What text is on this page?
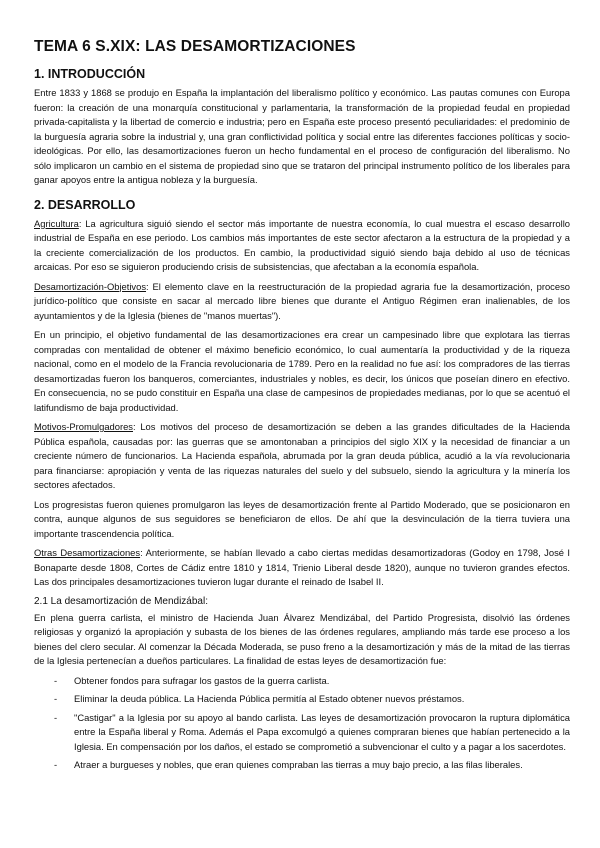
TEMA 6 S.XIX: LAS DESAMORTIZACIONES
1. INTRODUCCIÓN

Entre 1833 y 1868 se produjo en España la implantación del liberalismo político y económico. Las pautas comunes con Europa fueron: la creación de una monarquía constitucional y parlamentaria, la transformación de la propiedad feudal en propiedad privada-capitalista y la libertad de comercio e industria; pero en España este proceso presentó peculiaridades: el predominio de la burguesía agraria sobre la industrial y, una gran conflictividad política y social entre las diferentes facciones políticas y socio-ideológicas. Por ello, las desamortizaciones fueron un hecho fundamental en el proceso de configuración del liberalismo. No sólo implicaron un cambio en el sistema de propiedad sino que se trataron del principal instrumento político de los liberales para ganar apoyos entre la antigua nobleza y la burguesía.

2. DESARROLLO

Agricultura: La agricultura siguió siendo el sector más importante de nuestra economía, lo cual muestra el escaso desarrollo industrial de España en ese periodo. Los cambios más importantes de este sector afectaron a la estructura de la propiedad y a la creciente comercialización de los productos. En cambio, la productividad siguió siendo baja debido al uso de técnicas arcaicas. Por eso se siguieron produciendo crisis de subsistencias, que afectaban a la economía española.

Desamortización-Objetivos: El elemento clave en la reestructuración de la propiedad agraria fue la desamortización, proceso jurídico-político que consiste en sacar al mercado libre bienes que durante el Antiguo Régimen eran inalienables, de los ayuntamientos y de la Iglesia (bienes de "manos muertas").

En un principio, el objetivo fundamental de las desamortizaciones era crear un campesinado libre que explotara las tierras compradas con mentalidad de obtener el máximo beneficio económico, lo cual aumentaría la productividad y de la riqueza nacional, como en el modelo de la Francia revolucionaria de 1789. Pero en la realidad no fue así: los compradores de las tierras desamortizadas fueron los banqueros, comerciantes, industriales y nobles, es decir, los únicos que poseían dinero en efectivo. En consecuencia, no se pudo constituir en España una clase de campesinos de propiedades medianas, por lo que se acentuó el latifundismo de baja productividad.

Motivos-Promulgadores: Los motivos del proceso de desamortización se deben a las grandes dificultades de la Hacienda Pública española, causadas por: las guerras que se amontonaban a principios del siglo XIX y la necesidad de financiar a un creciente número de funcionarios. La Hacienda española, abrumada por la gran deuda pública, acudió a la vía revolucionaria para financiarse: apropiación y venta de las riquezas naturales del suelo y del subsuelo, siendo la agricultura y la minería los sectores afectados.

Los progresistas fueron quienes promulgaron las leyes de desamortización frente al Partido Moderado, que se posicionaron en contra, aunque algunos de sus seguidores se beneficiaron de ellos. De ahí que la desvinculación de la tierra tuviera una importante trascendencia política.

Otras Desamortizaciones: Anteriormente, se habían llevado a cabo ciertas medidas desamortizadoras (Godoy en 1798, José I Bonaparte desde 1808, Cortes de Cádiz entre 1810 y 1814, Trienio Liberal desde 1820), aunque no tuvieron grandes efectos. Las dos principales desamortizaciones tuvieron lugar durante el reinado de Isabel II.

2.1 La desamortización de Mendizábal:

En plena guerra carlista, el ministro de Hacienda Juan Álvarez Mendizábal, del Partido Progresista, disolvió las órdenes religiosas y organizó la apropiación y subasta de los bienes de las órdenes regulares, ampliando más tarde ese proceso a los bienes del clero secular. Al comenzar la Década Moderada, se puso freno a la desamortización y más de la mitad de las tierras de la Iglesia pertenecían a dueños particulares. La finalidad de estas leyes de desamortización fue:

- Obtener fondos para sufragar los gastos de la guerra carlista.
- Eliminar la deuda pública. La Hacienda Pública permitía al Estado obtener nuevos préstamos.
- "Castigar" a la Iglesia por su apoyo al bando carlista. Las leyes de desamortización provocaron la ruptura diplomática entre la España liberal y Roma. Además el Papa excomulgó a quienes compraran bienes que habían pertenecido a la Iglesia. En compensación por los daños, el estado se comprometió a subvencionar el culto y a pagar a los sacerdotes.
- Atraer a burgueses y nobles, que eran quienes compraban las tierras a muy bajo precio, a las filas liberales.
